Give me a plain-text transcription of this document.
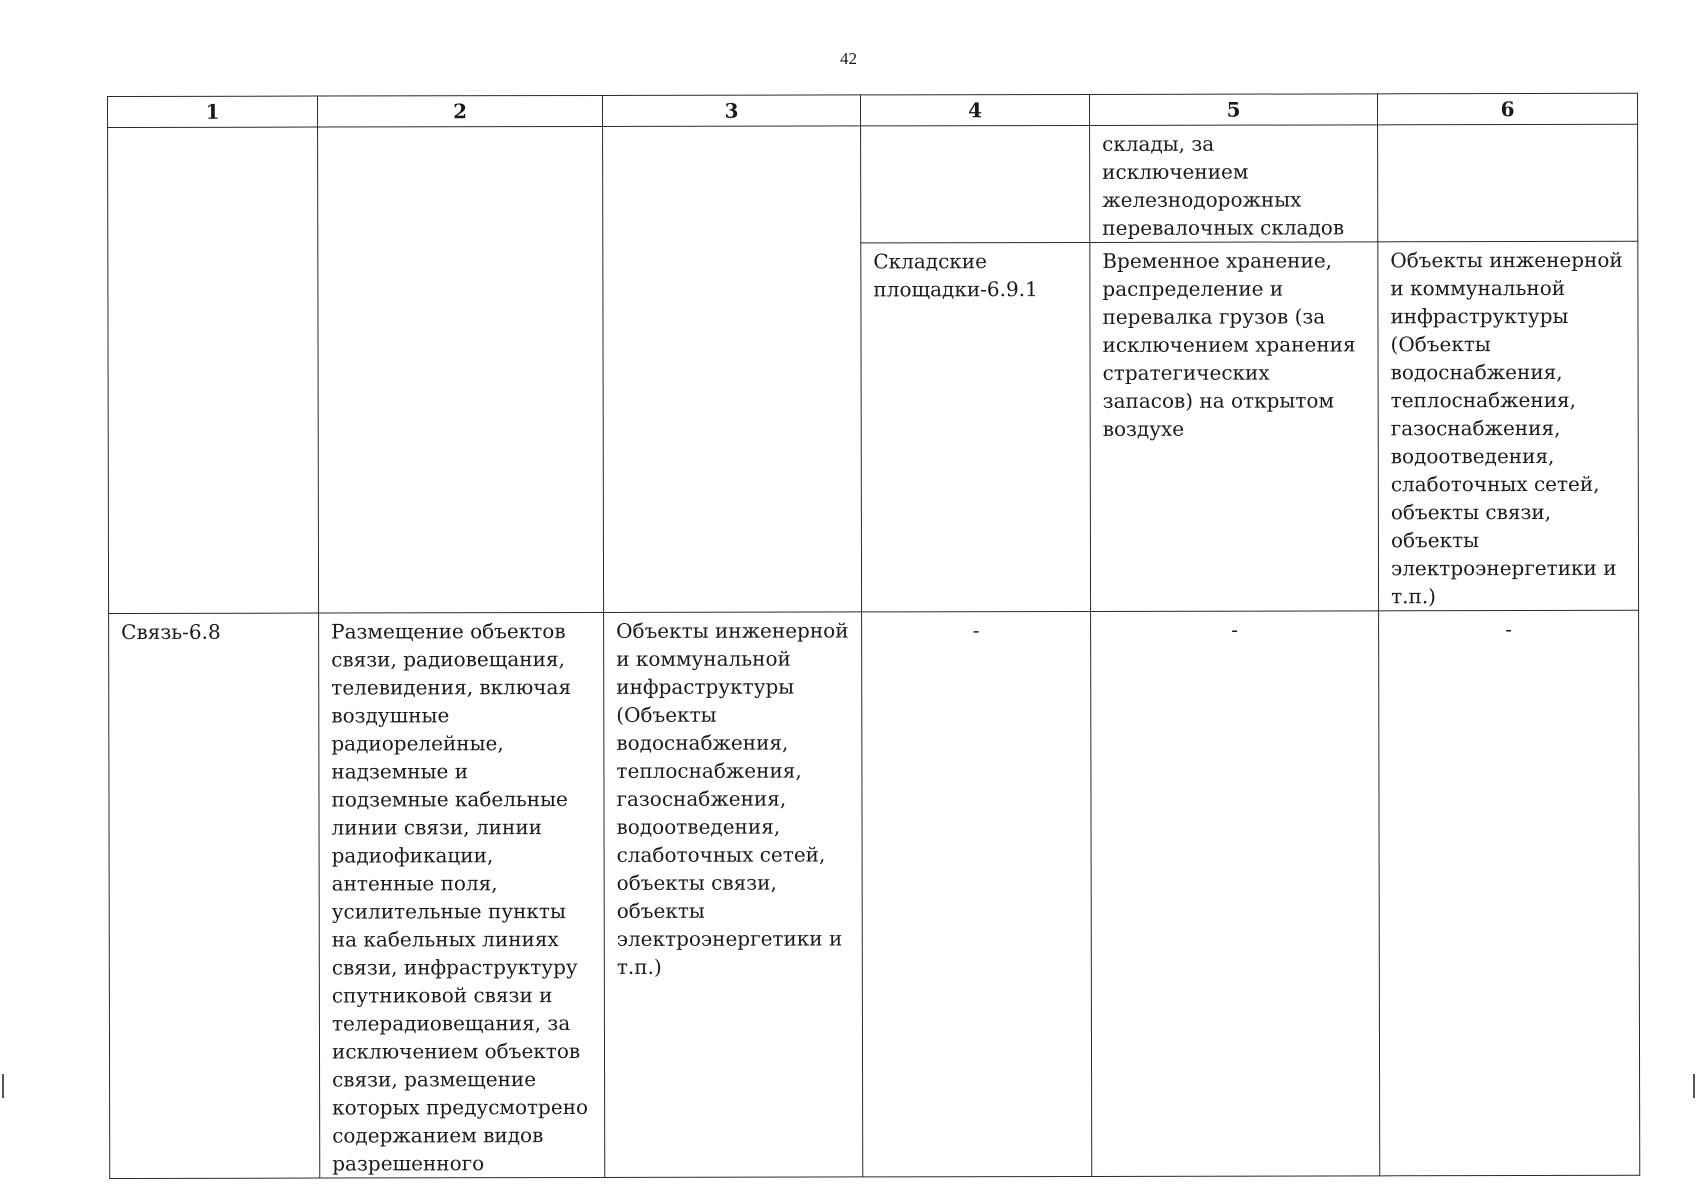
42
1	2	3	4	5	6
				склады, за исключением железнодорожных перевалочных складов	
			Складские площадки-6.9.1	Временное хранение, распределение и перевалка грузов (за исключением хранения стратегических запасов) на открытом воздухе	Объекты инженерной и коммунальной инфраструктуры (Объекты водоснабжения, теплоснабжения, газоснабжения, водоотведения, слаботочных сетей, объекты связи, объекты электроэнергетики и т.п.)
Связь-6.8	Размещение объектов связи, радиовещания, телевидения, включая воздушные радиорелейные, надземные и подземные кабельные линии связи, линии радиофикации, антенные поля, усилительные пункты на кабельных линиях связи, инфраструктуру спутниковой связи и телерадиовещания, за исключением объектов связи, размещение которых предусмотрено содержанием видов разрешенного	Объекты инженерной и коммунальной инфраструктуры (Объекты водоснабжения, теплоснабжения, газоснабжения, водоотведения, слаботочных сетей, объекты связи, объекты электроэнергетики и т.п.)	-	-	-
